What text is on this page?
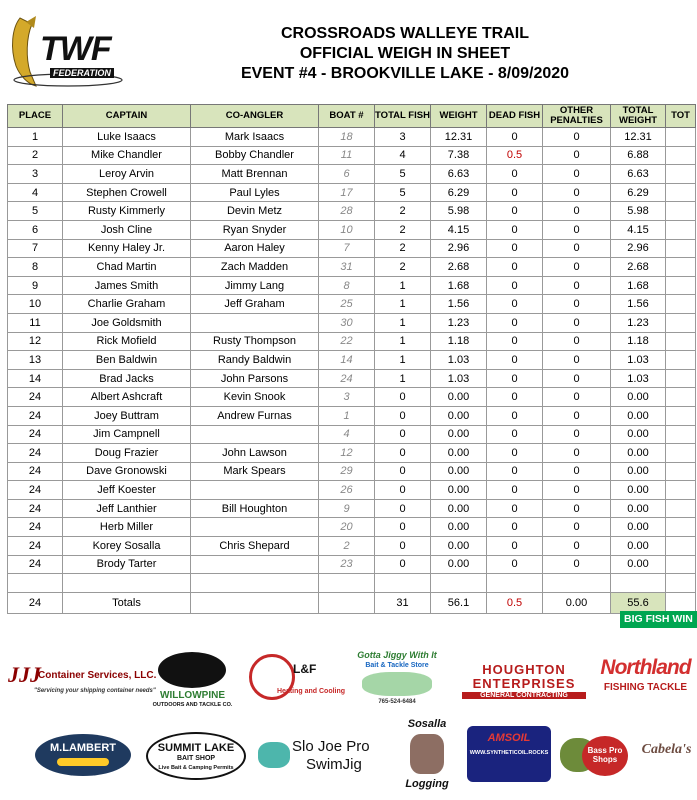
TWF
FEDERATION
CROSSROADS WALLEYE TRAIL
OFFICIAL WEIGH IN SHEET
EVENT #4 - BROOKVILLE LAKE - 8/09/2020
PLACE	CAPTAIN	CO-ANGLER	BOAT #	TOTAL FISH	WEIGHT	DEAD FISH	OTHER PENALTIES	TOTAL WEIGHT	TOT
1	Luke Isaacs	Mark Isaacs	18	3	12.31	0	0	12.31	
2	Mike Chandler	Bobby Chandler	11	4	7.38	0.5	0	6.88	
3	Leroy Arvin	Matt Brennan	6	5	6.63	0	0	6.63	
4	Stephen Crowell	Paul Lyles	17	5	6.29	0	0	6.29	
5	Rusty Kimmerly	Devin Metz	28	2	5.98	0	0	5.98	
6	Josh Cline	Ryan Snyder	10	2	4.15	0	0	4.15	
7	Kenny Haley Jr.	Aaron Haley	7	2	2.96	0	0	2.96	
8	Chad Martin	Zach Madden	31	2	2.68	0	0	2.68	
9	James Smith	Jimmy Lang	8	1	1.68	0	0	1.68	
10	Charlie Graham	Jeff Graham	25	1	1.56	0	0	1.56	
11	Joe Goldsmith		30	1	1.23	0	0	1.23	
12	Rick Mofield	Rusty Thompson	22	1	1.18	0	0	1.18	
13	Ben Baldwin	Randy Baldwin	14	1	1.03	0	0	1.03	
14	Brad Jacks	John Parsons	24	1	1.03	0	0	1.03	
24	Albert Ashcraft	Kevin Snook	3	0	0.00	0	0	0.00	
24	Joey Buttram	Andrew Furnas	1	0	0.00	0	0	0.00	
24	Jim Campnell		4	0	0.00	0	0	0.00	
24	Doug Frazier	John Lawson	12	0	0.00	0	0	0.00	
24	Dave Gronowski	Mark Spears	29	0	0.00	0	0	0.00	
24	Jeff Koester		26	0	0.00	0	0	0.00	
24	Jeff Lanthier	Bill Houghton	9	0	0.00	0	0	0.00	
24	Herb Miller		20	0	0.00	0	0	0.00	
24	Korey Sosalla	Chris Shepard	2	0	0.00	0	0	0.00	
24	Brody Tarter		23	0	0.00	0	0	0.00	

24	Totals			31	56.1	0.5	0.00	55.6	
BIG FISH WIN
JJJ
Container Services, LLC.
"Servicing your shipping container needs" WILLOWPINE
OUTDOORS AND TACKLE CO.
L&F
Heating and Cooling
Gotta Jiggy With It
Bait & Tackle Store
765-524-6484
HOUGHTON
ENTERPRISES
GENERAL CONTRACTING
Northland
FISHING TACKLE
M.LAMBERT	SUMMIT LAKE
BAIT SHOP
Live Bait & Camping Permits
Slo Joe Pro
SwimJig
Sosalla
Logging
AMSOIL
WWW.SYNTHETICOIL.ROCKS	Bass Pro Shops
Cabela's
